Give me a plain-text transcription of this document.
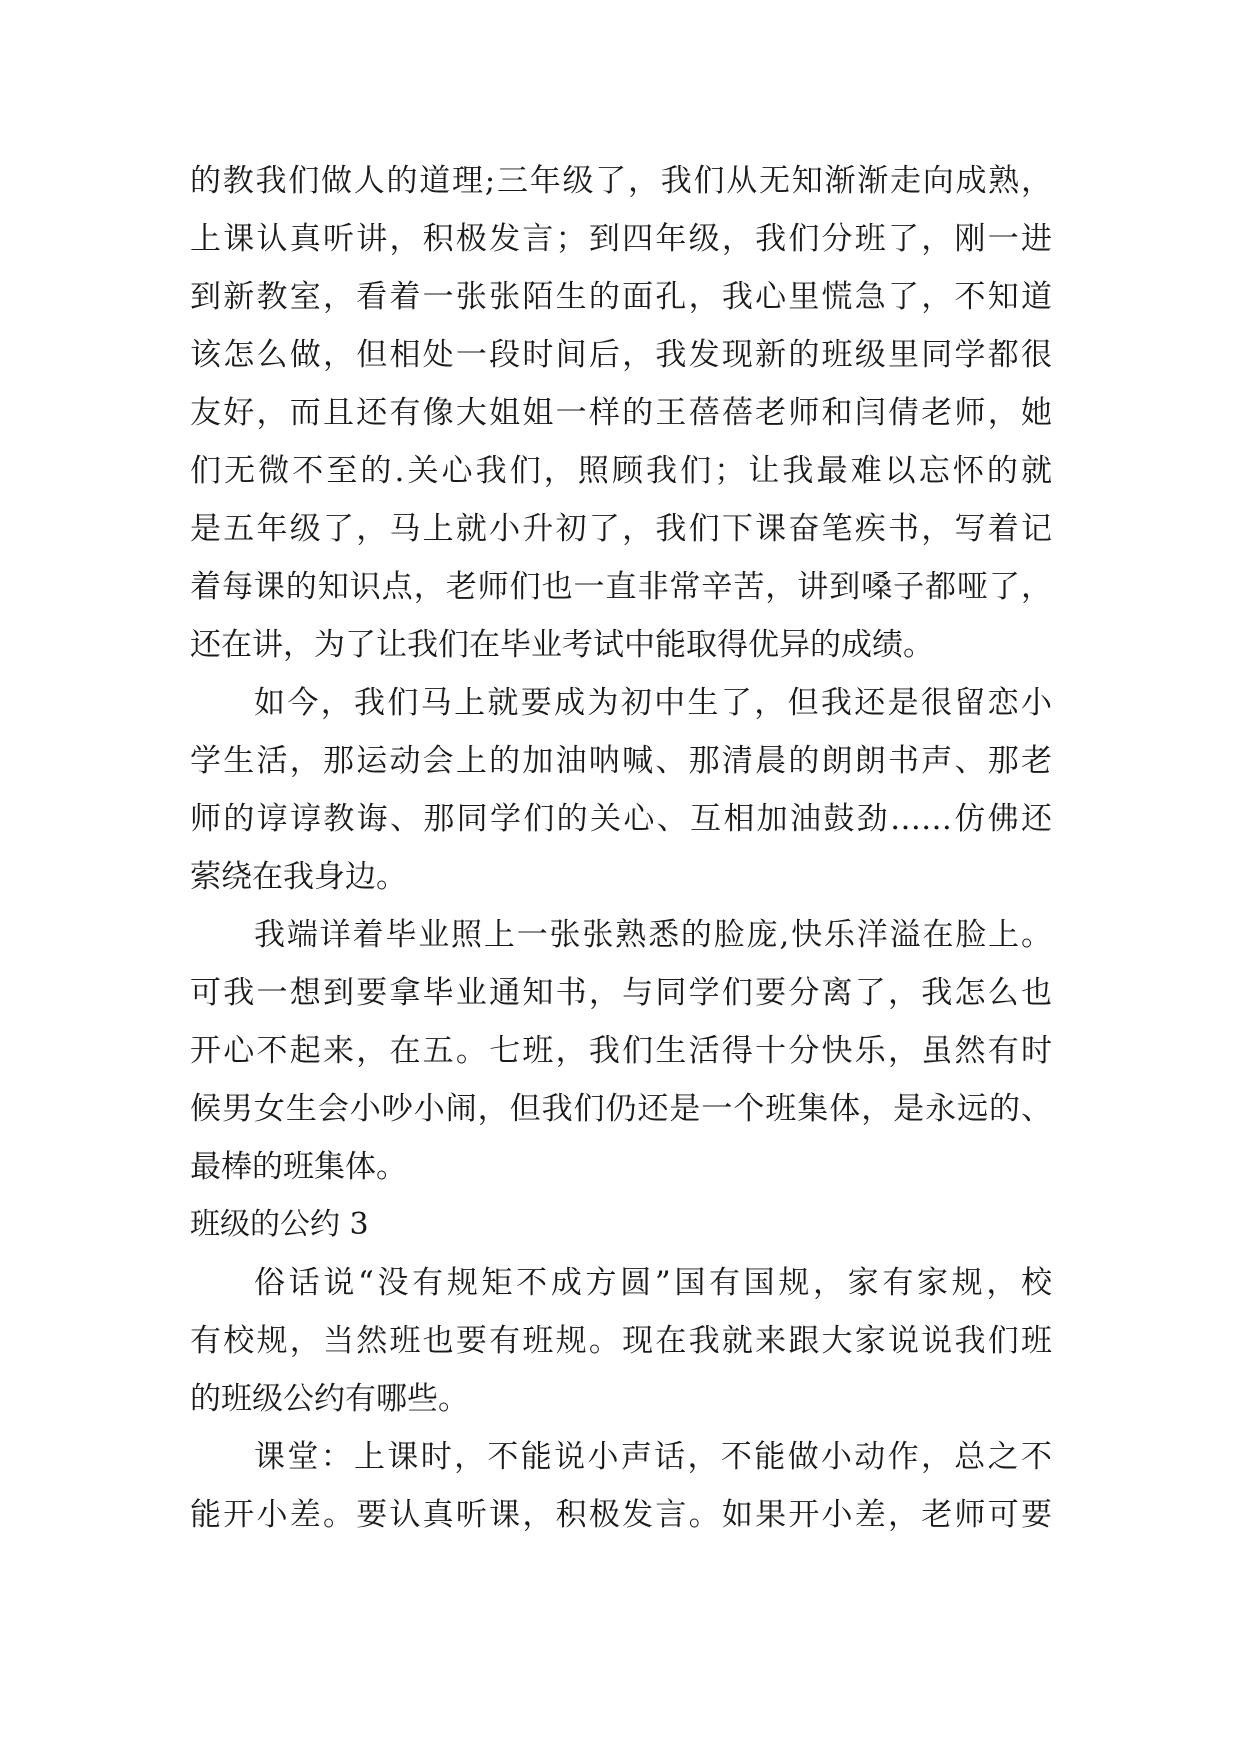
的教我们做人的道理;三年级了，我们从无知渐渐走向成熟，
上课认真听讲，积极发言；到四年级，我们分班了，刚一进
到新教室，看着一张张陌生的面孔，我心里慌急了，不知道
该怎么做，但相处一段时间后，我发现新的班级里同学都很
友好，而且还有像大姐姐一样的王蓓蓓老师和闫倩老师，她
们无微不至的.关心我们，照顾我们；让我最难以忘怀的就
是五年级了，马上就小升初了，我们下课奋笔疾书，写着记
着每课的知识点，老师们也一直非常辛苦，讲到嗓子都哑了，
还在讲，为了让我们在毕业考试中能取得优异的成绩。
如今，我们马上就要成为初中生了，但我还是很留恋小
学生活，那运动会上的加油呐喊、那清晨的朗朗书声、那老
师的谆谆教诲、那同学们的关心、互相加油鼓劲……仿佛还
萦绕在我身边。
我端详着毕业照上一张张熟悉的脸庞,快乐洋溢在脸上。
可我一想到要拿毕业通知书，与同学们要分离了，我怎么也
开心不起来，在五。七班，我们生活得十分快乐，虽然有时
候男女生会小吵小闹，但我们仍还是一个班集体，是永远的、
最棒的班集体。
班级的公约 3
俗话说“没有规矩不成方圆”国有国规，家有家规，校
有校规，当然班也要有班规。现在我就来跟大家说说我们班
的班级公约有哪些。
课堂：上课时，不能说小声话，不能做小动作，总之不
能开小差。要认真听课，积极发言。如果开小差，老师可要
